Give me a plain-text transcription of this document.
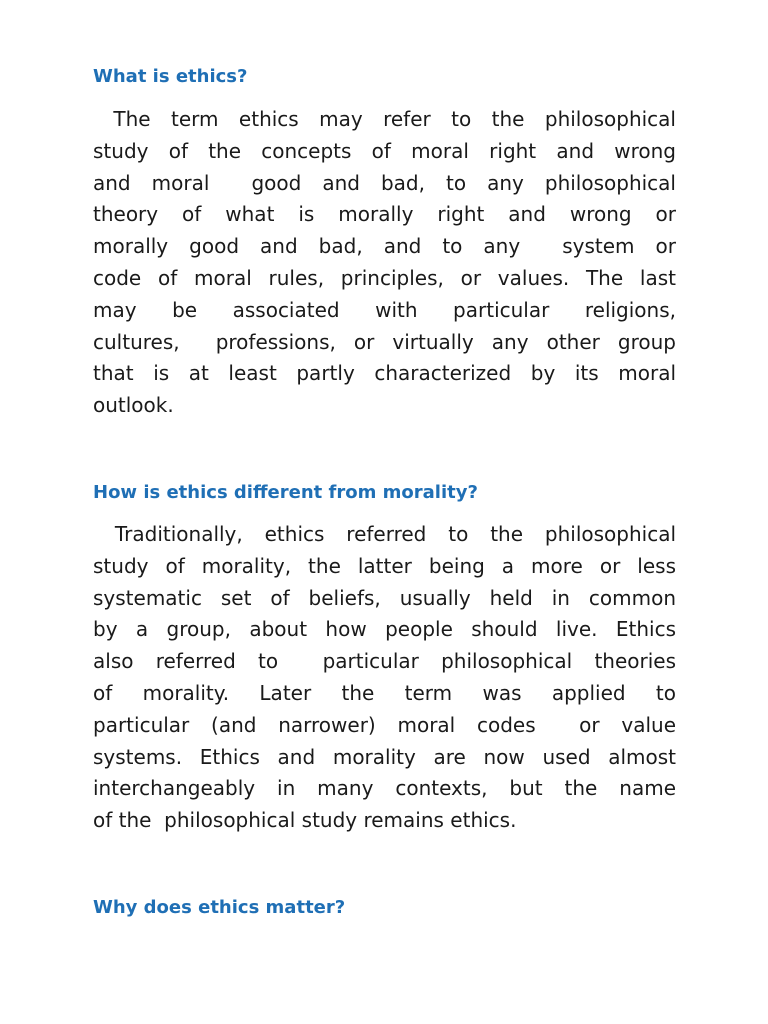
What is ethics?
The term ethics may refer to the philosophical
study of the concepts of moral right and wrong
and moral  good and bad, to any philosophical
theory of what is morally right and wrong or
morally good and bad, and to any  system or
code of moral rules, principles, or values. The last
may be associated with particular religions,
cultures,  professions, or virtually any other group
that is at least partly characterized by its moral
outlook.
How is ethics different from morality?
Traditionally, ethics referred to the philosophical
study of morality, the latter being a more or less
systematic set of beliefs, usually held in common
by a group, about how people should live. Ethics
also referred to  particular philosophical theories
of morality. Later the term was applied to
particular (and narrower) moral codes  or value
systems. Ethics and morality are now used almost
interchangeably in many contexts, but the name
of the  philosophical study remains ethics.
Why does ethics matter?
